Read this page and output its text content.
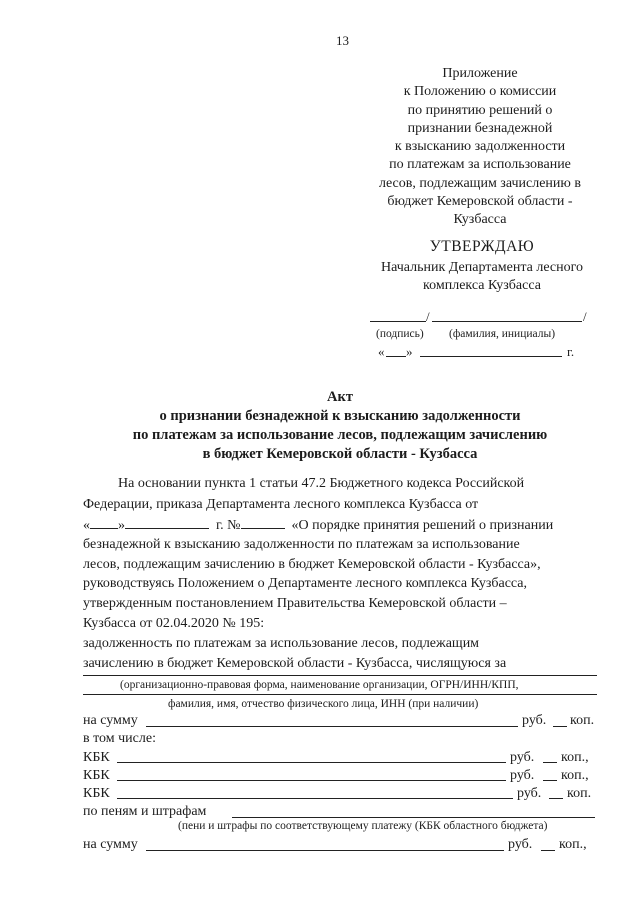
13
Приложение
к Положению о комиссии
по принятию решений о
признании безнадежной
к взысканию задолженности
по платежам за использование
лесов, подлежащим зачислению в
бюджет Кемеровской области -
Кузбасса
УТВЕРЖДАЮ
Начальник Департамента лесного
комплекса Кузбасса
/	/
(подпись) (фамилия, инициалы)
« »	г.
Акт
о признании безнадежной к взысканию задолженности
по платежам за использование лесов, подлежащим зачислению
в бюджет Кемеровской области - Кузбасса
На основании пункта 1 статьи 47.2 Бюджетного кодекса Российской
Федерации, приказа Департамента лесного комплекса Кузбасса от
« »	г. №	«О порядке принятия решений о признании
безнадежной к взысканию задолженности по платежам за использование
лесов, подлежащим зачислению в бюджет Кемеровской области - Кузбасса»,
руководствуясь Положением о Департаменте лесного комплекса Кузбасса,
утвержденным постановлением Правительства Кемеровской области –
Кузбасса от 02.04.2020 № 195:
задолженность по платежам за использование лесов, подлежащим
зачислению в бюджет Кемеровской области - Кузбасса, числящуюся за
(организационно-правовая форма, наименование организации, ОГРН/ИНН/КПП,
фамилия, имя, отчество физического лица, ИНН (при наличии)
на сумму	руб. коп.
в том числе:
КБК	руб. коп.,
КБК	руб. коп.,
КБК	руб. коп.
по пеням и штрафам
(пени и штрафы по соответствующему платежу (КБК областного бюджета)
на сумму	руб. коп.,
